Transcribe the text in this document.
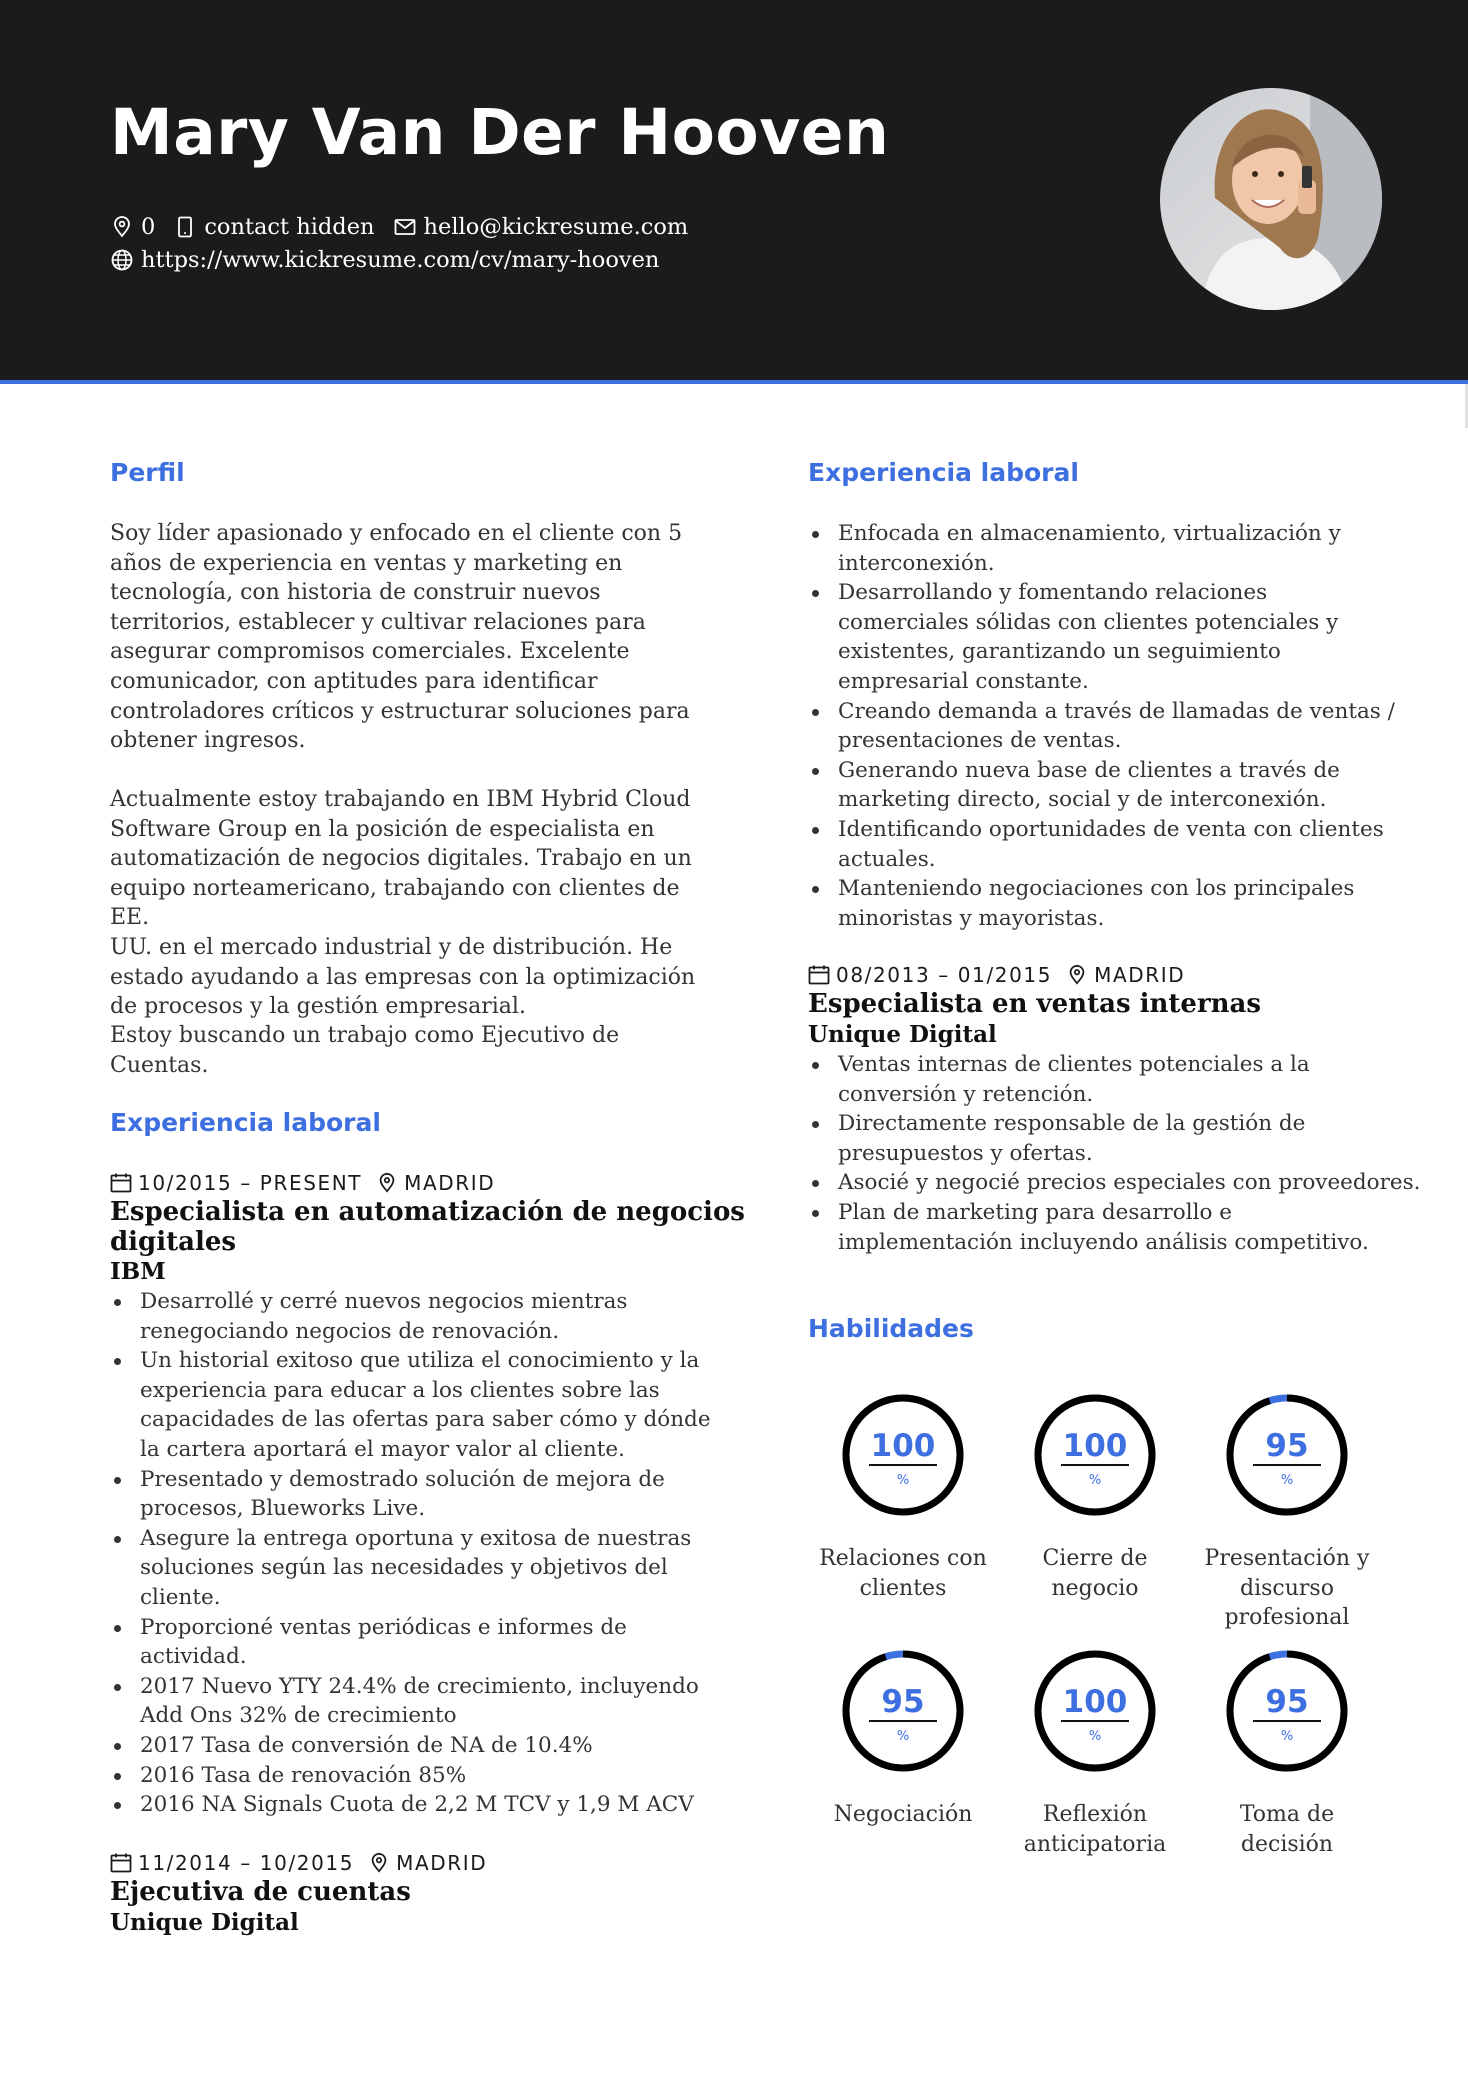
Mary Van Der Hooven
0 contact hidden hello@kickresume.com
https://www.kickresume.com/cv/mary-hooven
Perfil

Soy líder apasionado y enfocado en el cliente con 5
años de experiencia en ventas y marketing en
tecnología, con historia de construir nuevos
territorios, establecer y cultivar relaciones para
asegurar compromisos comerciales. Excelente
comunicador, con aptitudes para identificar
controladores críticos y estructurar soluciones para
obtener ingresos.

Actualmente estoy trabajando en IBM Hybrid Cloud
Software Group en la posición de especialista en
automatización de negocios digitales. Trabajo en un
equipo norteamericano, trabajando con clientes de EE.
UU. en el mercado industrial y de distribución. He
estado ayudando a las empresas con la optimización
de procesos y la gestión empresarial.

Estoy buscando un trabajo como Ejecutivo de Cuentas.

Experiencia laboral
10/2015 – PRESENT MADRID

Especialista en automatización de negocios
digitales

IBM
Desarrollé y cerré nuevos negocios mientras
renegociando negocios de renovación.
Un historial exitoso que utiliza el conocimiento y la
experiencia para educar a los clientes sobre las
capacidades de las ofertas para saber cómo y dónde
la cartera aportará el mayor valor al cliente.
Presentado y demostrado solución de mejora de
procesos, Blueworks Live.
Asegure la entrega oportuna y exitosa de nuestras
soluciones según las necesidades y objetivos del
cliente.
Proporcioné ventas periódicas e informes de
actividad.
2017 Nuevo YTY 24.4% de crecimiento, incluyendo
Add Ons 32% de crecimiento
2017 Tasa de conversión de NA de 10.4%
2016 Tasa de renovación 85%
2016 NA Signals Cuota de 2,2 M TCV y 1,9 M ACV
11/2014 – 10/2015 MADRID

Ejecutiva de cuentas

Unique Digital
Experiencia laboral
Enfocada en almacenamiento, virtualización y
interconexión.
Desarrollando y fomentando relaciones
comerciales sólidas con clientes potenciales y
existentes, garantizando un seguimiento
empresarial constante.
Creando demanda a través de llamadas de ventas /
presentaciones de ventas.
Generando nueva base de clientes a través de
marketing directo, social y de interconexión.
Identificando oportunidades de venta con clientes
actuales.
Manteniendo negociaciones con los principales
minoristas y mayoristas.
08/2013 – 01/2015 MADRID

Especialista en ventas internas

Unique Digital
Ventas internas de clientes potenciales a la
conversión y retención.
Directamente responsable de la gestión de
presupuestos y ofertas.
Asocié y negocié precios especiales con proveedores.
Plan de marketing para desarrollo e
implementación incluyendo análisis competitivo.
Habilidades
100
%
Relaciones con
clientes
100
%
Cierre de negocio
95
%
Presentación y
discurso
profesional
95
%
Negociación
100
%
Reflexión
anticipatoria
95
%
Toma de decisión
